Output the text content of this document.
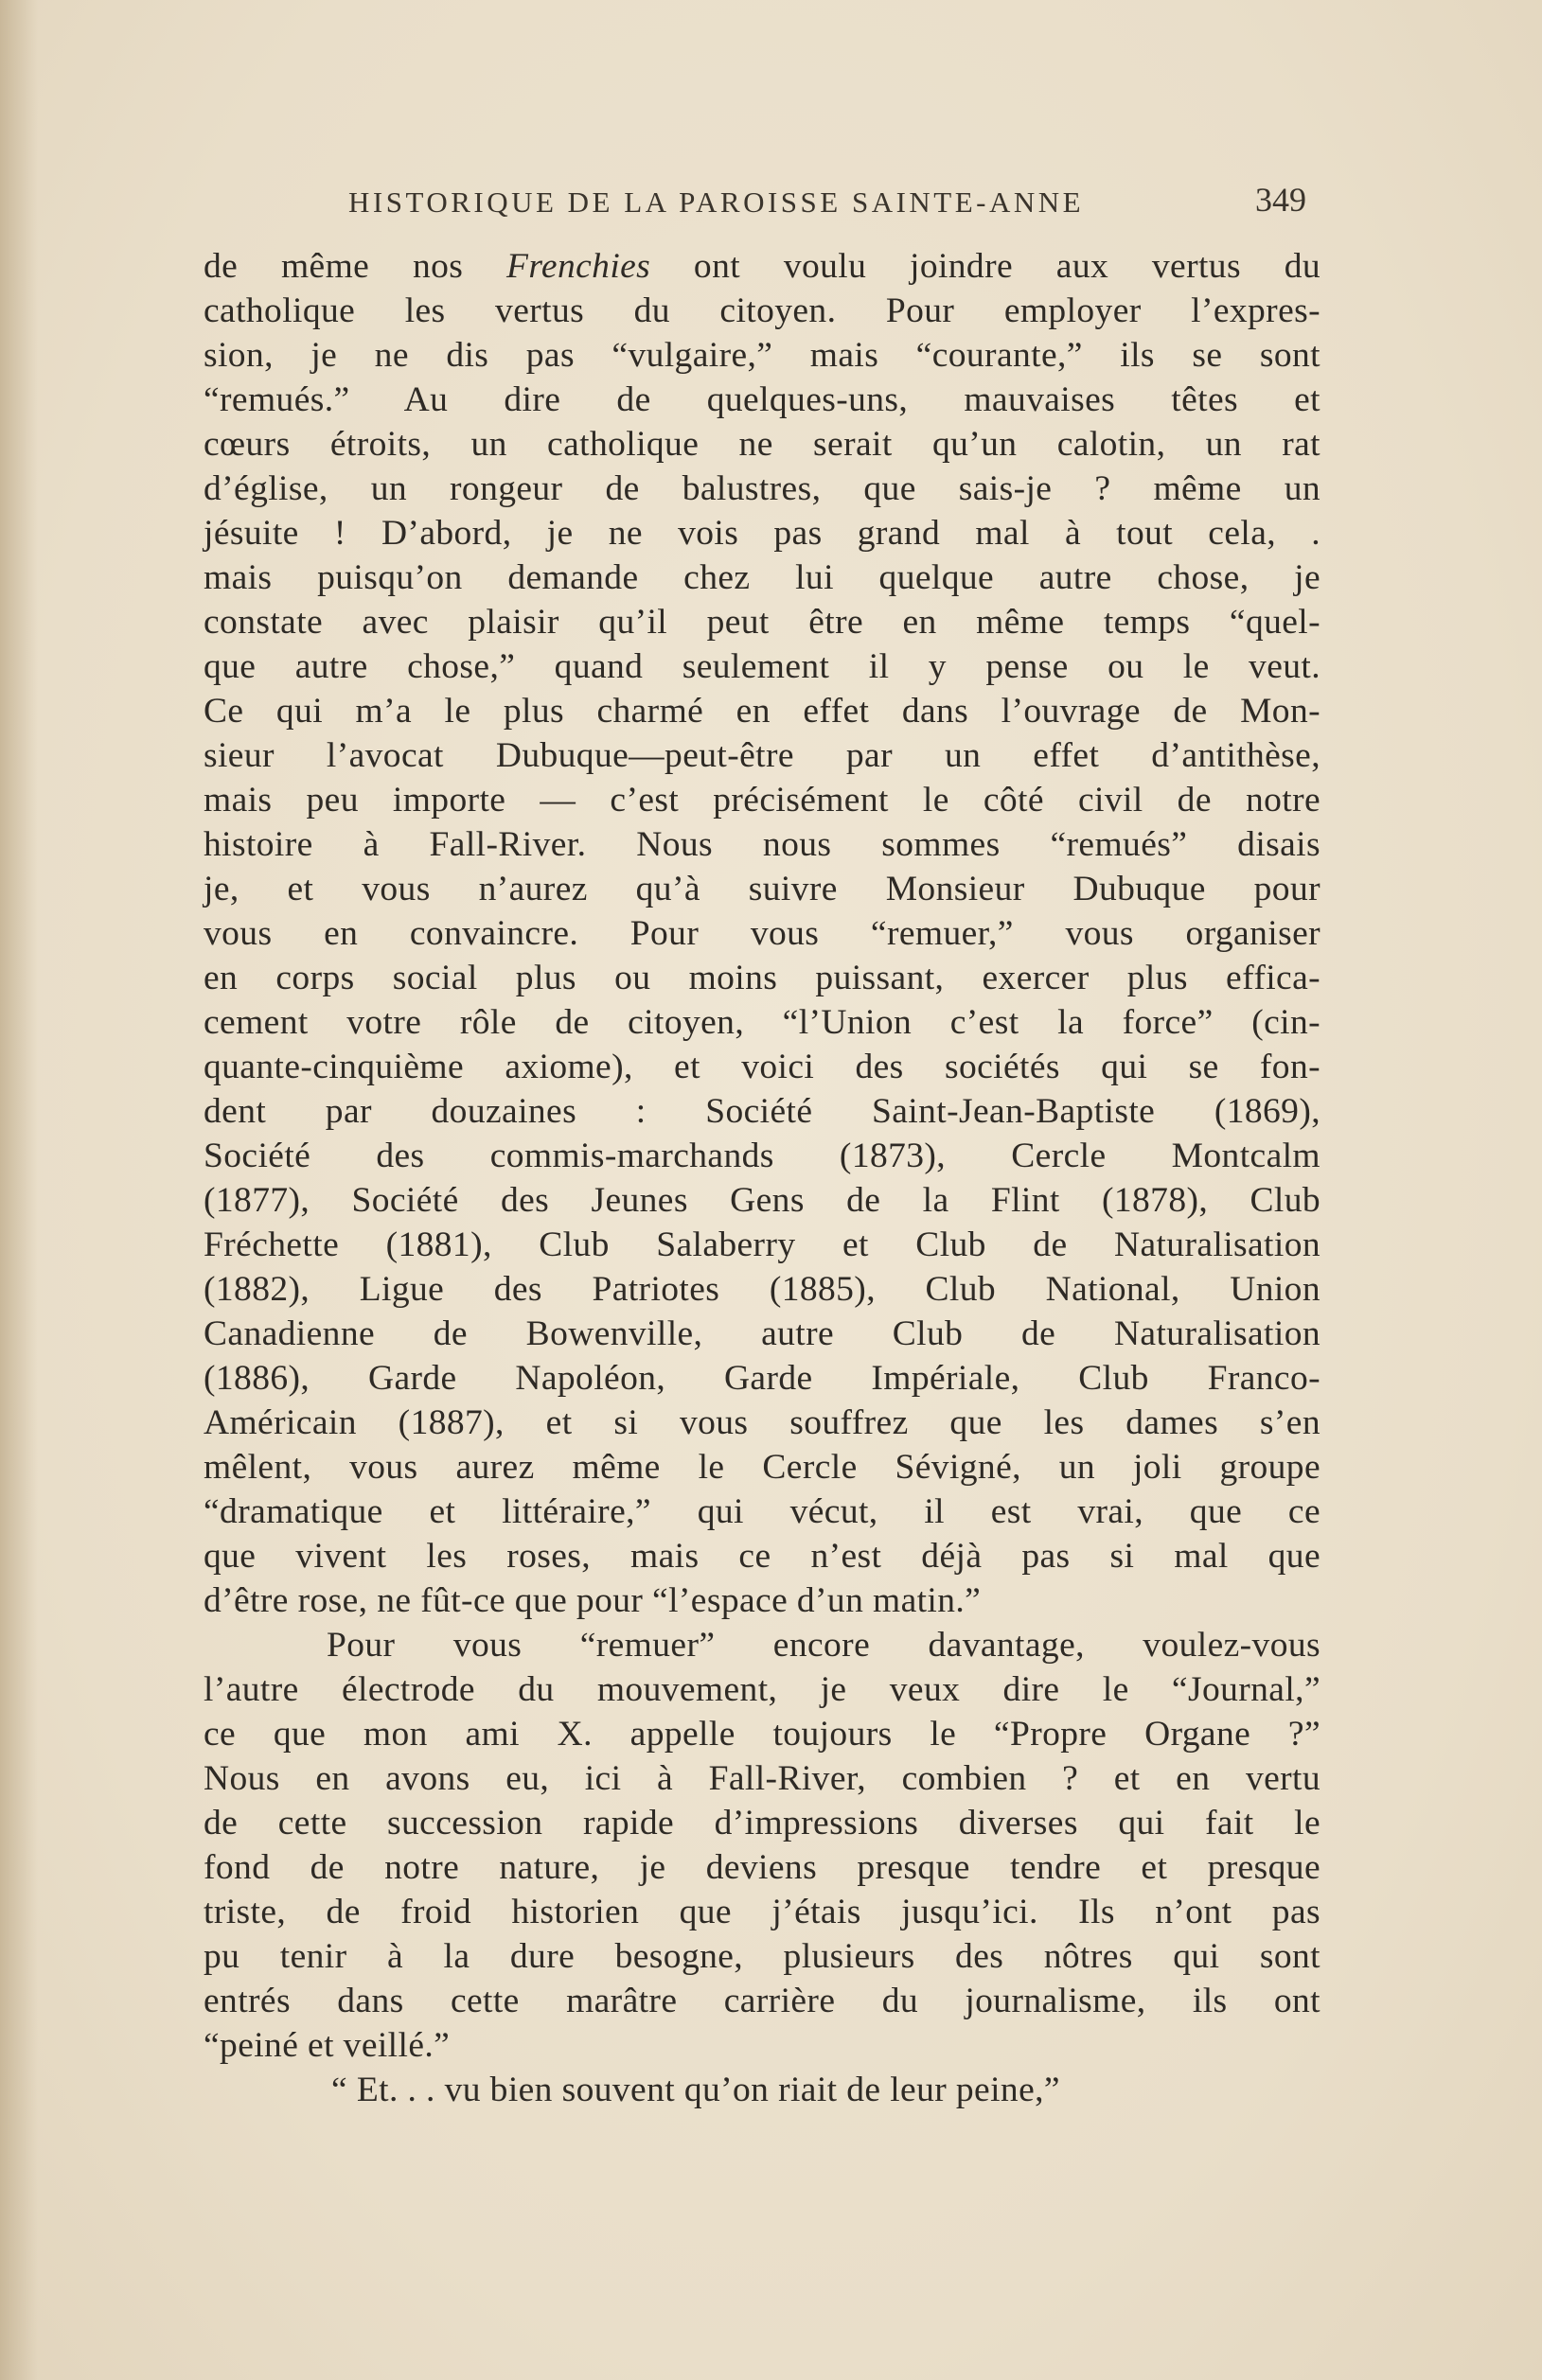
HISTORIQUE DE LA PAROISSE SAINTE-ANNE	349
de même nos Frenchies ont voulu joindre aux vertus du
catholique les vertus du citoyen. Pour employer l’expres-
sion, je ne dis pas “vulgaire,” mais “courante,” ils se sont
“remués.” Au dire de quelques-uns, mauvaises têtes et
cœurs étroits, un catholique ne serait qu’un calotin, un rat
d’église, un rongeur de balustres, que sais-je ? même un
jésuite ! D’abord, je ne vois pas grand mal à tout cela, .
mais puisqu’on demande chez lui quelque autre chose, je
constate avec plaisir qu’il peut être en même temps “quel-
que autre chose,” quand seulement il y pense ou le veut.
Ce qui m’a le plus charmé en effet dans l’ouvrage de Mon-
sieur l’avocat Dubuque—peut-être par un effet d’antithèse,
mais peu importe — c’est précisément le côté civil de notre
histoire à Fall-River. Nous nous sommes “remués” disais
je, et vous n’aurez qu’à suivre Monsieur Dubuque pour
vous en convaincre. Pour vous “remuer,” vous organiser
en corps social plus ou moins puissant, exercer plus effica-
cement votre rôle de citoyen, “l’Union c’est la force” (cin-
quante-cinquième axiome), et voici des sociétés qui se fon-
dent par douzaines : Société Saint-Jean-Baptiste (1869),
Société des commis-marchands (1873), Cercle Montcalm
(1877), Société des Jeunes Gens de la Flint (1878), Club
Fréchette (1881), Club Salaberry et Club de Naturalisation
(1882), Ligue des Patriotes (1885), Club National, Union
Canadienne de Bowenville, autre Club de Naturalisation
(1886), Garde Napoléon, Garde Impériale, Club Franco-
Américain (1887), et si vous souffrez que les dames s’en
mêlent, vous aurez même le Cercle Sévigné, un joli groupe
“dramatique et littéraire,” qui vécut, il est vrai, que ce
que vivent les roses, mais ce n’est déjà pas si mal que
d’être rose, ne fût-ce que pour “l’espace d’un matin.”
Pour vous “remuer” encore davantage, voulez-vous
l’autre électrode du mouvement, je veux dire le “Journal,”
ce que mon ami X. appelle toujours le “Propre Organe ?”
Nous en avons eu, ici à Fall-River, combien ? et en vertu
de cette succession rapide d’impressions diverses qui fait le
fond de notre nature, je deviens presque tendre et presque
triste, de froid historien que j’étais jusqu’ici. Ils n’ont pas
pu tenir à la dure besogne, plusieurs des nôtres qui sont
entrés dans cette marâtre carrière du journalisme, ils ont
“peiné et veillé.”
“ Et. . . vu bien souvent qu’on riait de leur peine,”
